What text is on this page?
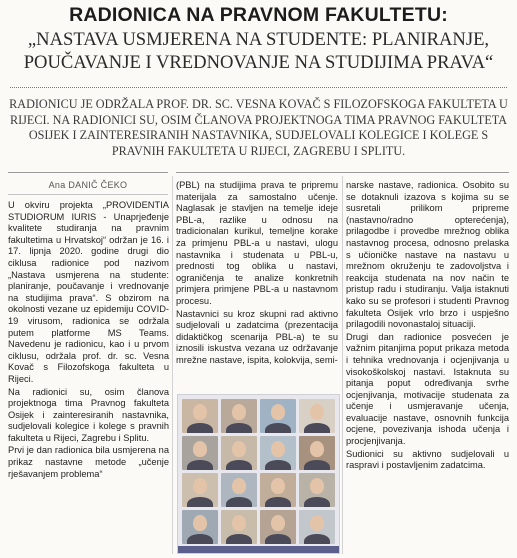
RADIONICA NA PRAVNOM FAKULTETU:
„NASTAVA USMJERENA NA STUDENTE: PLANIRANJE,
POUČAVANJE I VREDNOVANJE NA STUDIJIMA PRAVA“
RADIONICU JE ODRŽALA PROF. DR. SC. VESNA KOVAČ S FILOZOFSKOGA FAKULTETA U RIJECI. NA RADIONICI SU, OSIM ČLANOVA PROJEKTNOGA TIMA PRAVNOG FAKULTETA OSIJEK I ZAINTERESIRANIH NASTAVNIKA, SUDJELOVALI KOLEGICE I KOLEGE S PRAVNIH FAKULTETA U RIJECI, ZAGREBU I SPLITU.
Ana DANIČ ČEKO

U okviru projekta „PROVIDENTIA STUDIORUM IURIS - Unaprjeđenje kvalitete studiranja na pravnim fakultetima u Hrvatskoj“ održan je 16. i 17. lipnja 2020. godine drugi dio ciklusa radionice pod nazivom „Nastava usmjerena na studente: planiranje, poučavanje i vrednovanje na studijima prava“. S obzirom na okolnosti vezane uz epidemiju COVID-19 virusom, radionica se održala putem platforme MS Teams. Navedenu je radionicu, kao i u prvom ciklusu, održala prof. dr. sc. Vesna Kovač s Filozofskoga fakulteta u Rijeci.

Na radionici su, osim članova projektnoga tima Pravnog fakulteta Osijek i zainteresiranih nastavnika, sudjelovali kolegice i kolege s pravnih fakulteta u Rijeci, Zagrebu i Splitu.

Prvi je dan radionica bila usmjerena na prikaz nastavne metode „učenje rješavanjem problema“

(PBL) na studijima prava te pripremu materijala za samostalno učenje. Naglasak je stavljen na temelje ideje PBL-a, razlike u odnosu na tradicionalan kurikul, temeljne korake za primjenu PBL-a u nastavi, ulogu nastavnika i studenata u PBL-u, prednosti tog oblika u nastavi, ograničenja te analize konkretnih primjera primjene PBL-a u nastavnom procesu.

Nastavnici su kroz skupni rad aktivno sudjelovali u zadatcima (prezentacija didaktičkog scenarija PBL-a) te su iznosili iskustva vezana uz održavanje mrežne nastave, ispita, kolokvija, semi-

narske nastave, radionica. Osobito su se dotaknuli izazova s kojima su se susretali prilikom pripreme (nastavno/radno opterećenja), prilagodbe i provedbe mrežnog oblika nastavnog procesa, odnosno prelaska s učioničke nastave na nastavu u mrežnom okruženju te zadovoljstva i reakcija studenata na nov način te pristup radu i studiranju. Valja istaknuti kako su se profesori i studenti Pravnog fakulteta Osijek vrlo brzo i uspješno prilagodili novonastaloj situaciji.

Drugi dan radionice posvećen je važnim pitanjima poput prikaza metoda i tehnika vrednovanja i ocjenjivanja u visokoškolskoj nastavi. Istaknuta su pitanja poput određivanja svrhe ocjenjivanja, motivacije studenata za učenje i usmjeravanje učenja, evaluacije nastave, osnovnih funkcija ocjene, povezivanja ishoda učenja i procjenjivanja.

Sudionici su aktivno sudjelovali u raspravi i postavljenim zadatcima.
